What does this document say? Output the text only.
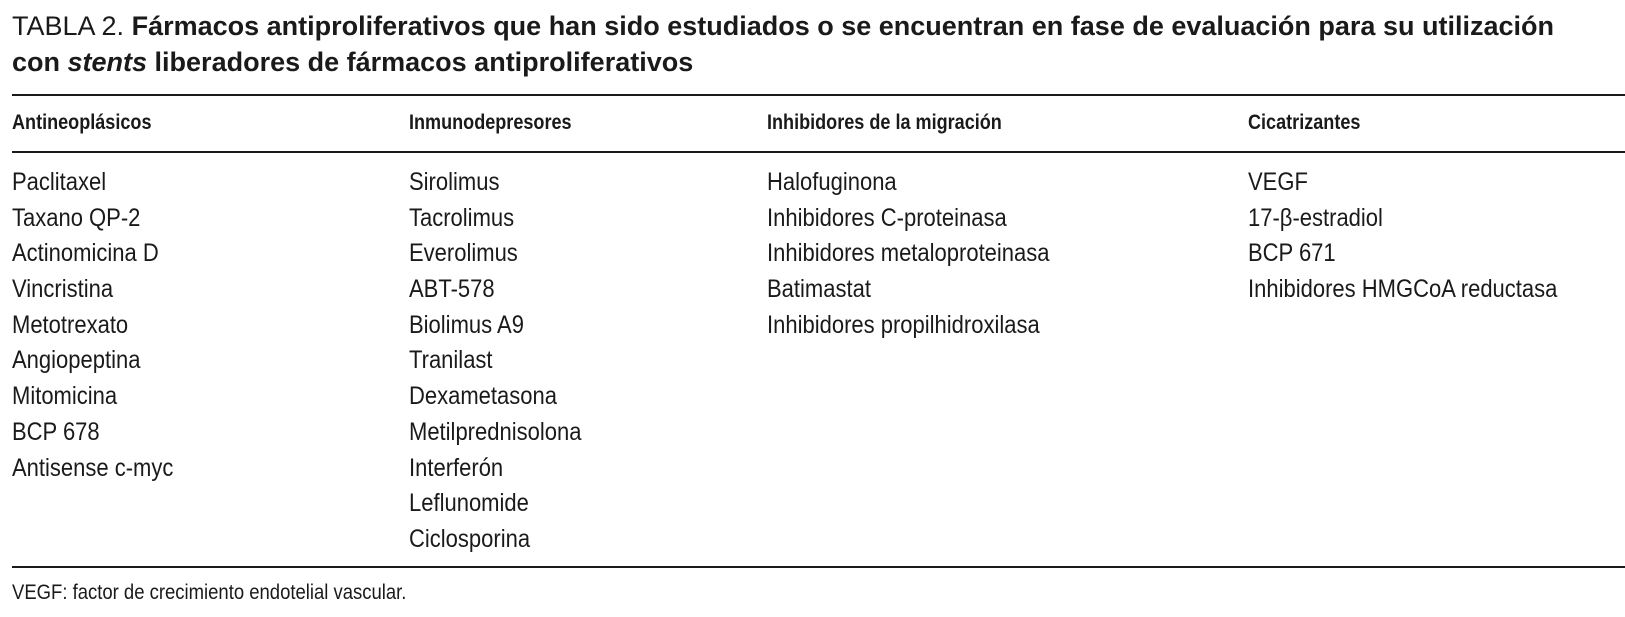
TABLA 2. Fármacos antiproliferativos que han sido estudiados o se encuentran en fase de evaluación para su utilización con stents liberadores de fármacos antiproliferativos
Antineoplásicos
Paclitaxel
Taxano QP-2
Actinomicina D
Vincristina
Metotrexato
Angiopeptina
Mitomicina
BCP 678
Antisense c-myc
Inmunodepresores
Sirolimus
Tacrolimus
Everolimus
ABT-578
Biolimus A9
Tranilast
Dexametasona
Metilprednisolona
Interferón
Leflunomide
Ciclosporina
Inhibidores de la migración
Halofuginona
Inhibidores C-proteinasa
Inhibidores metaloproteinasa
Batimastat
Inhibidores propilhidroxilasa
Cicatrizantes
VEGF
17-β-estradiol
BCP 671
Inhibidores HMGCoA reductasa
VEGF: factor de crecimiento endotelial vascular.
